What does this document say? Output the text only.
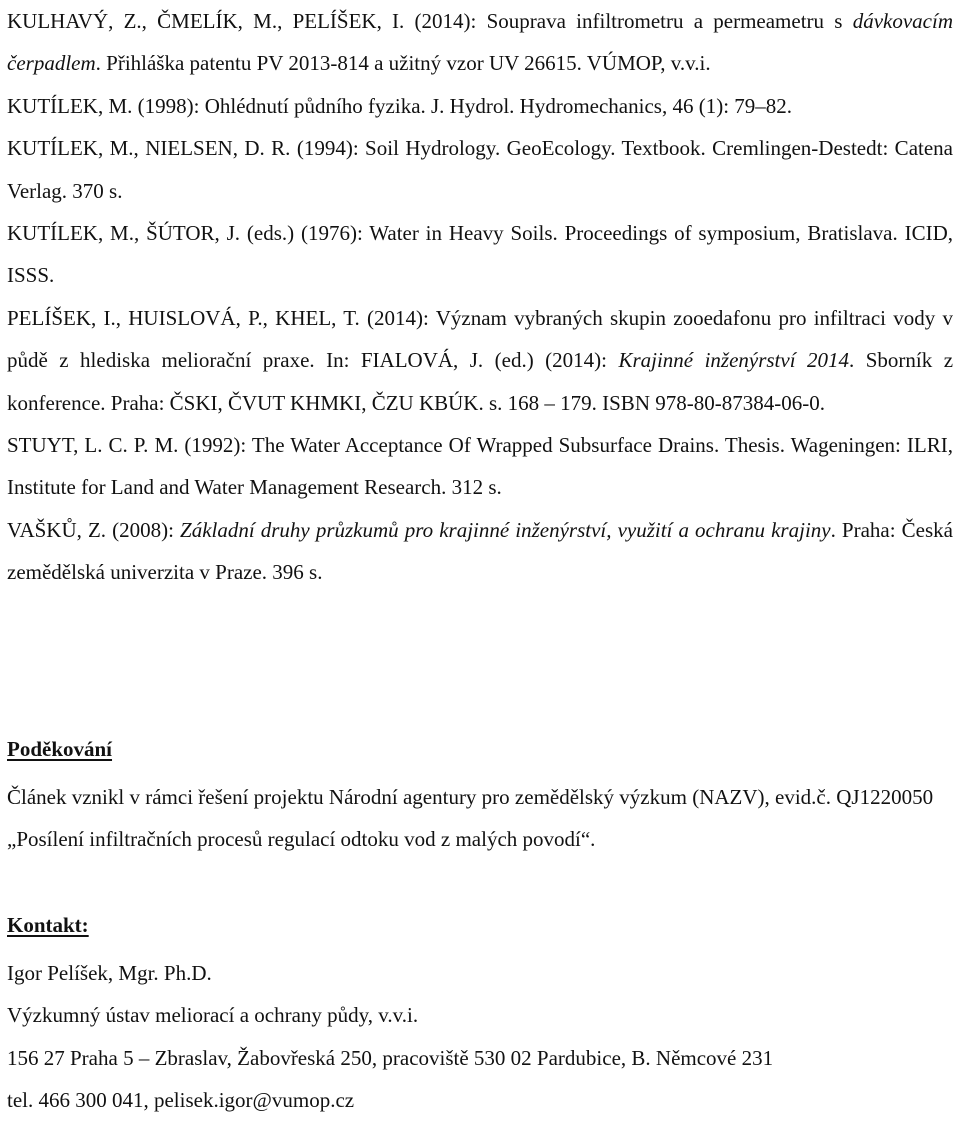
KULHAVÝ, Z., ČMELÍK, M., PELÍŠEK, I. (2014): Souprava infiltrometru a permeametru s dávkovacím čerpadlem. Přihláška patentu PV 2013-814 a užitný vzor UV 26615. VÚMOP, v.v.i.

KUTÍLEK, M. (1998): Ohlédnutí půdního fyzika. J. Hydrol. Hydromechanics, 46 (1): 79–82.

KUTÍLEK, M., NIELSEN, D. R. (1994): Soil Hydrology. GeoEcology. Textbook. Cremlingen-Destedt: Catena Verlag. 370 s.

KUTÍLEK, M., ŠÚTOR, J. (eds.) (1976): Water in Heavy Soils. Proceedings of symposium, Bratislava. ICID, ISSS.

PELÍŠEK, I., HUISLOVÁ, P., KHEL, T. (2014): Význam vybraných skupin zooedafonu pro infiltraci vody v půdě z hlediska meliorační praxe. In: FIALOVÁ, J. (ed.) (2014): Krajinné inženýrství 2014. Sborník z konference. Praha: ČSKI, ČVUT KHMKI, ČZU KBÚK. s. 168 – 179. ISBN 978-80-87384-06-0.

STUYT, L. C. P. M. (1992): The Water Acceptance Of Wrapped Subsurface Drains. Thesis. Wageningen: ILRI, Institute for Land and Water Management Research. 312 s.

VAŠKŮ, Z. (2008): Základní druhy průzkumů pro krajinné inženýrství, využití a ochranu krajiny. Praha: Česká zemědělská univerzita v Praze. 396 s.

Poděkování

Článek vznikl v rámci řešení projektu Národní agentury pro zemědělský výzkum (NAZV), evid.č. QJ1220050 „Posílení infiltračních procesů regulací odtoku vod z malých povodí“.

Kontakt:
Igor Pelíšek, Mgr. Ph.D.
Výzkumný ústav meliorací a ochrany půdy, v.v.i.
156 27 Praha 5 – Zbraslav, Žabovřeská 250, pracoviště 530 02 Pardubice, B. Němcové 231
tel. 466 300 041, pelisek.igor@vumop.cz
